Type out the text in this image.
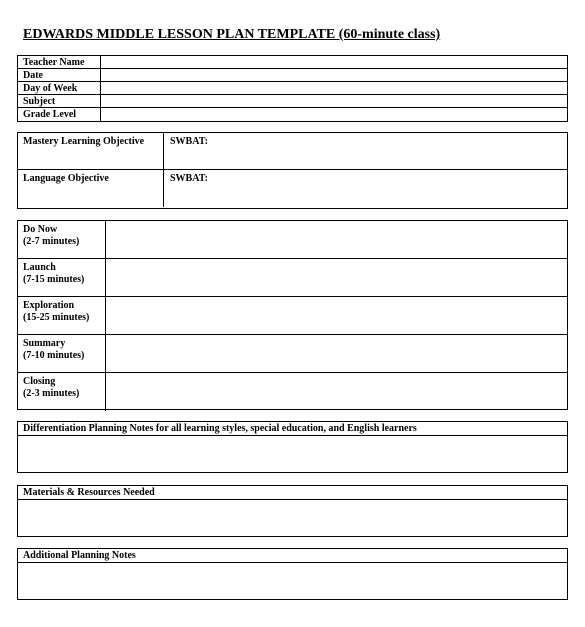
EDWARDS MIDDLE LESSON PLAN TEMPLATE (60-minute class)
Teacher Name
Date
Day of Week
Subject
Grade Level
Mastery Learning Objective	SWBAT:
Language Objective	SWBAT:
Do Now
(2-7 minutes)
Launch
(7-15 minutes)
Exploration
(15-25 minutes)
Summary
(7-10 minutes)
Closing
(2-3 minutes)
Differentiation Planning Notes for all learning styles, special education, and English learners
Materials & Resources Needed
Additional Planning Notes
